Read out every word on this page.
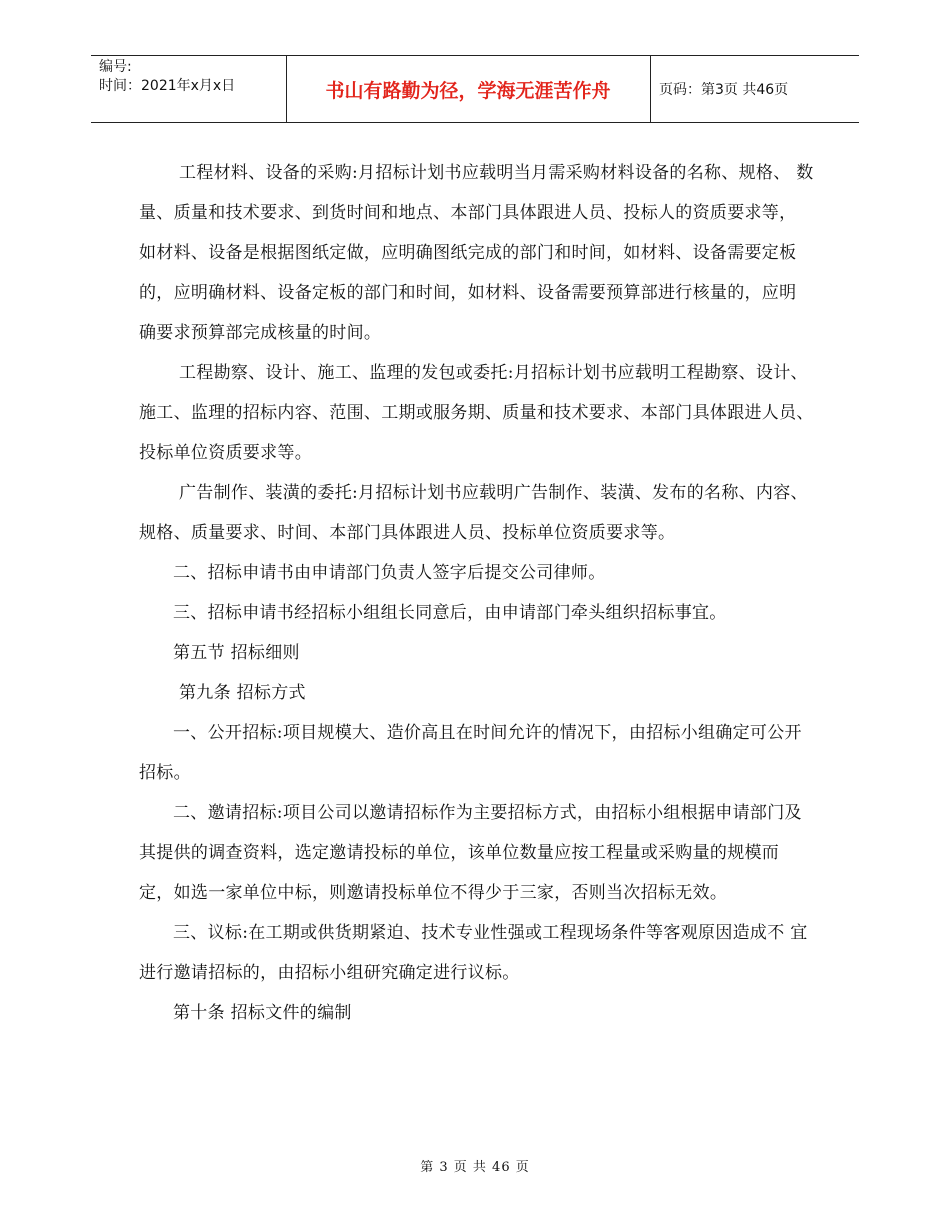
编号:
时间：2021年x月x日	书山有路勤为径，学海无涯苦作舟	页码：第3页 共46页

工程材料、设备的采购:月招标计划书应载明当月需采购材料设备的名称、规格、 数量、质量和技术要求、到货时间和地点、本部门具体跟进人员、投标人的资质要求等， 如材料、设备是根据图纸定做，应明确图纸完成的部门和时间，如材料、设备需要定板 的，应明确材料、设备定板的部门和时间，如材料、设备需要预算部进行核量的，应明 确要求预算部完成核量的时间。

工程勘察、设计、施工、监理的发包或委托:月招标计划书应载明工程勘察、设计、 施工、监理的招标内容、范围、工期或服务期、质量和技术要求、本部门具体跟进人员、 投标单位资质要求等。

广告制作、装潢的委托:月招标计划书应载明广告制作、装潢、发布的名称、内容、 规格、质量要求、时间、本部门具体跟进人员、投标单位资质要求等。

二、招标申请书由申请部门负责人签字后提交公司律师。

三、招标申请书经招标小组组长同意后，由申请部门牵头组织招标事宜。

第五节 招标细则

第九条 招标方式

一、公开招标:项目规模大、造价高且在时间允许的情况下，由招标小组确定可公开招标。

二、邀请招标:项目公司以邀请招标作为主要招标方式，由招标小组根据申请部门及其提供的调查资料，选定邀请投标的单位，该单位数量应按工程量或采购量的规模而 定，如选一家单位中标，则邀请投标单位不得少于三家，否则当次招标无效。

三、议标:在工期或供货期紧迫、技术专业性强或工程现场条件等客观原因造成不 宜进行邀请招标的，由招标小组研究确定进行议标。

第十条 招标文件的编制

第 3 页 共 46 页
